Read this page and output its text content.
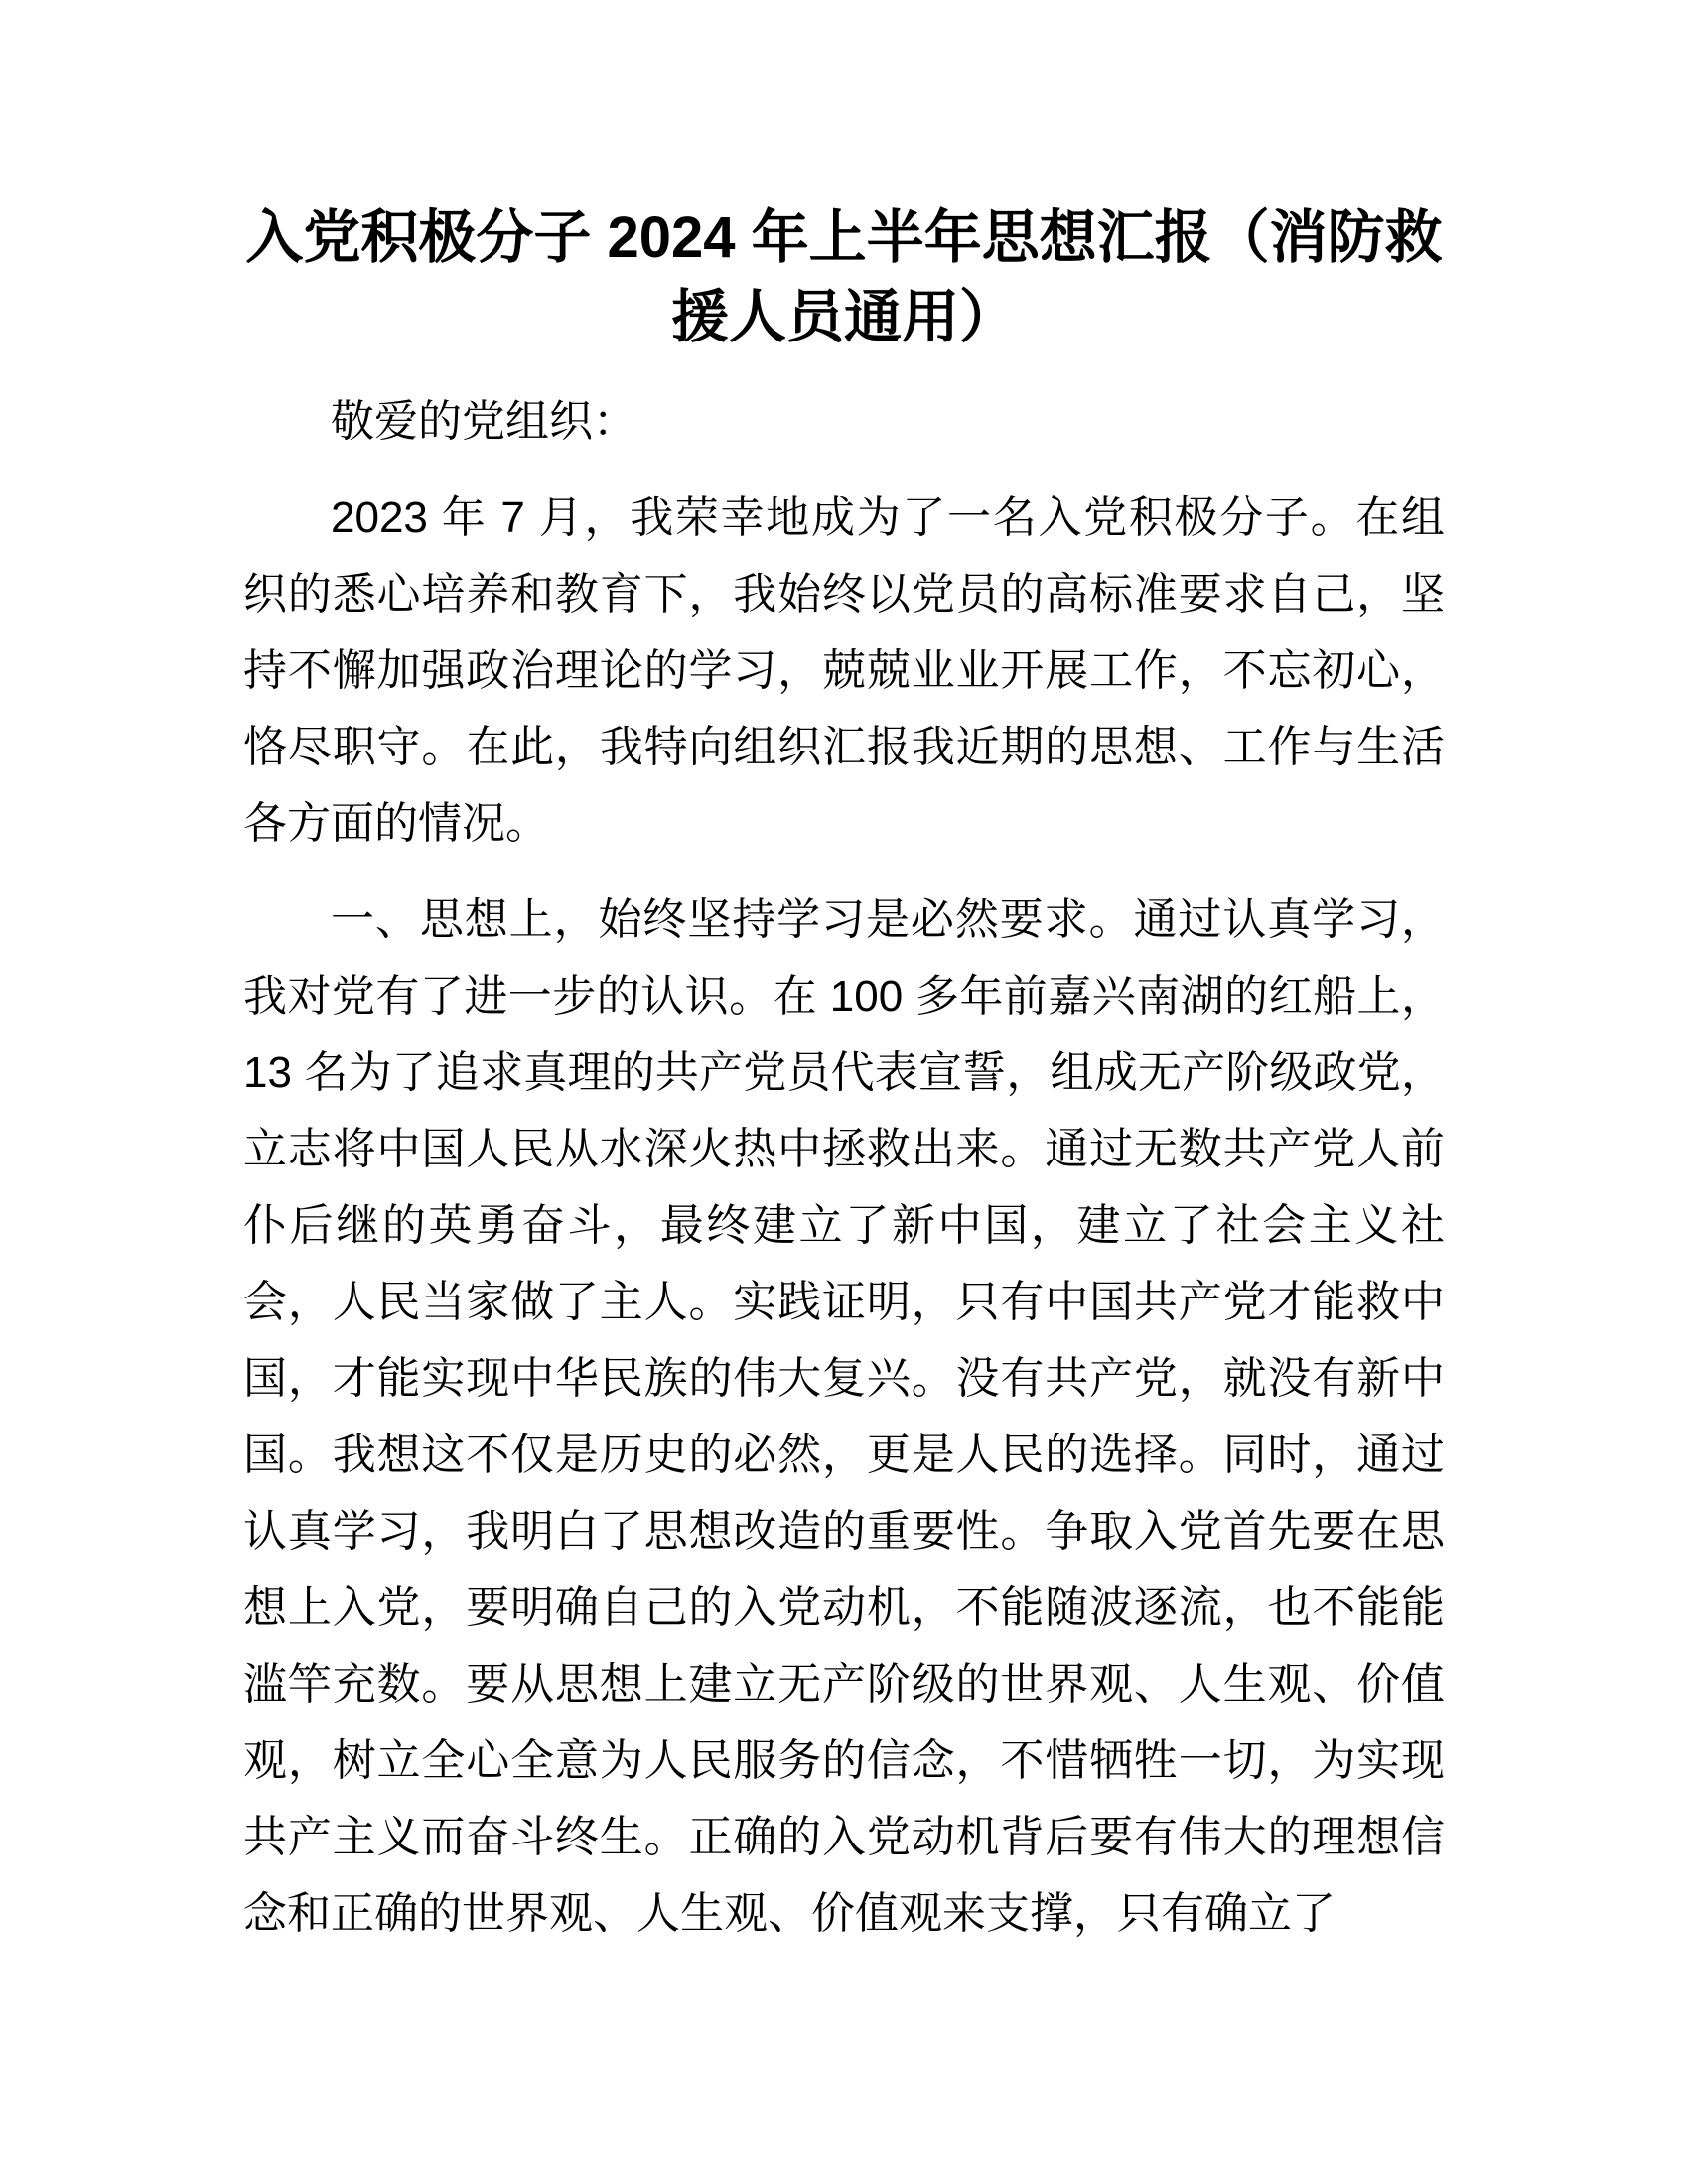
入党积极分子 2024 年上半年思想汇报（消防救援人员通用）

敬爱的党组织：

2023 年 7 月，我荣幸地成为了一名入党积极分子。在组织的悉心培养和教育下，我始终以党员的高标准要求自己，坚持不懈加强政治理论的学习，兢兢业业开展工作，不忘初心，恪尽职守。在此，我特向组织汇报我近期的思想、工作与生活各方面的情况。

一、思想上，始终坚持学习是必然要求。通过认真学习，我对党有了进一步的认识。在 100 多年前嘉兴南湖的红船上，13 名为了追求真理的共产党员代表宣誓，组成无产阶级政党，立志将中国人民从水深火热中拯救出来。通过无数共产党人前仆后继的英勇奋斗，最终建立了新中国，建立了社会主义社会，人民当家做了主人。实践证明，只有中国共产党才能救中国，才能实现中华民族的伟大复兴。没有共产党，就没有新中国。我想这不仅是历史的必然，更是人民的选择。同时，通过认真学习，我明白了思想改造的重要性。争取入党首先要在思想上入党，要明确自己的入党动机，不能随波逐流，也不能能滥竿充数。要从思想上建立无产阶级的世界观、人生观、价值观，树立全心全意为人民服务的信念，不惜牺牲一切，为实现共产主义而奋斗终生。正确的入党动机背后要有伟大的理想信念和正确的世界观、人生观、价值观来支撑，只有确立了
